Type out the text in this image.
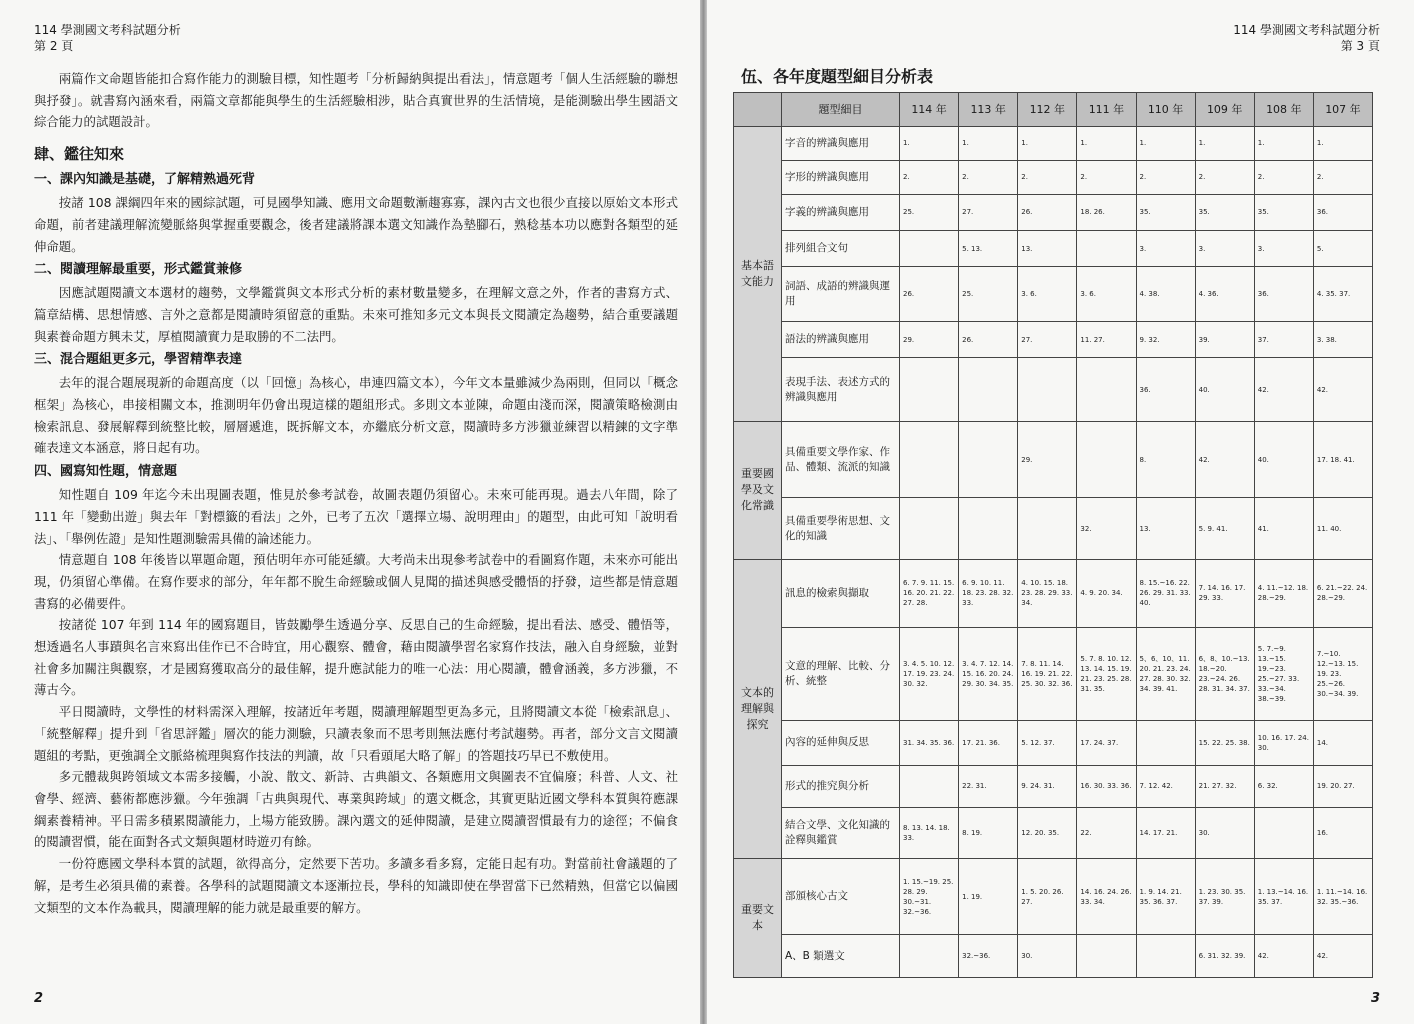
114 學測國文考科試題分析
第 2 頁

兩篇作文命題皆能扣合寫作能力的測驗目標，知性題考「分析歸納與提出看法」，情意題考「個人生活經驗的聯想與抒發」。就書寫內涵來看，兩篇文章都能與學生的生活經驗相涉，貼合真實世界的生活情境，是能測驗出學生國語文綜合能力的試題設計。

肆、鑑往知來
一、課內知識是基礎，了解精熟過死背

按諸 108 課綱四年來的國綜試題，可見國學知識、應用文命題數漸趨寡寡，課內古文也很少直接以原始文本形式命題，前者建議理解流變脈絡與掌握重要觀念，後者建議將課本選文知識作為墊腳石，熟稔基本功以應對各類型的延伸命題。

二、閱讀理解最重要，形式鑑賞兼修

因應試題閱讀文本選材的趨勢，文學鑑賞與文本形式分析的素材數量變多，在理解文意之外，作者的書寫方式、篇章結構、思想情感、言外之意都是閱讀時須留意的重點。未來可推知多元文本與長文閱讀定為趨勢，結合重要議題與素養命題方興未艾，厚植閱讀實力是取勝的不二法門。

三、混合題組更多元，學習精準表達

去年的混合題展現新的命題高度（以「回憶」為核心，串連四篇文本），今年文本量雖減少為兩則，但同以「概念框架」為核心，串接相關文本，推測明年仍會出現這樣的題組形式。多則文本並陳，命題由淺而深，閱讀策略檢測由檢索訊息、發展解釋到統整比較，層層遞進，既拆解文本，亦繼底分析文意，閱讀時多方涉獵並練習以精鍊的文字準確表達文本涵意，將日起有功。

四、國寫知性題，情意題

知性題自 109 年迄今未出現圖表題，惟見於參考試卷，故圖表題仍須留心。未來可能再現。過去八年間，除了 111 年「變動出遊」與去年「對標籤的看法」之外，已考了五次「選擇立場、說明理由」的題型，由此可知「說明看法」、「舉例佐證」是知性題測驗需具備的論述能力。

情意題自 108 年後皆以單題命題，預估明年亦可能延續。大考尚未出現參考試卷中的看圖寫作題，未來亦可能出現，仍須留心準備。在寫作要求的部分，年年都不脫生命經驗或個人見聞的描述與感受體悟的抒發，這些都是情意題書寫的必備要件。

按諸從 107 年到 114 年的國寫題目，皆鼓勵學生透過分享、反思自己的生命經驗，提出看法、感受、體悟等，想透過名人事蹟與名言來寫出佳作已不合時宜，用心觀察、體會，藉由閱讀學習名家寫作技法，融入自身經驗，並對社會多加關注與觀察，才是國寫獲取高分的最佳解，提升應試能力的唯一心法：用心閱讀，體會涵義，多方涉獵，不薄古今。

平日閱讀時，文學性的材料需深入理解，按諸近年考題，閱讀理解題型更為多元，且將閱讀文本從「檢索訊息」、「統整解釋」提升到「省思評鑑」層次的能力測驗，只讀表象而不思考則無法應付考試趨勢。再者，部分文言文閱讀題組的考點，更強調全文脈絡梳理與寫作技法的判讀，故「只看頭尾大略了解」的答題技巧早已不敷使用。

多元體裁與跨領域文本需多接觸，小說、散文、新詩、古典韻文、各類應用文與圖表不宜偏廢；科普、人文、社會學、經濟、藝術都應涉獵。今年強調「古典與現代、專業與跨域」的選文概念，其實更貼近國文學科本質與符應課綱素養精神。平日需多積累閱讀能力，上場方能致勝。課內選文的延伸閱讀，是建立閱讀習慣最有力的途徑；不偏食的閱讀習慣，能在面對各式文類與題材時遊刃有餘。

一份符應國文學科本質的試題，欲得高分，定然要下苦功。多讀多看多寫，定能日起有功。對當前社會議題的了解，是考生必須具備的素養。各學科的試題閱讀文本逐漸拉長，學科的知識即使在學習當下已然精熟，但當它以偏國文類型的文本作為載具，閱讀理解的能力就是最重要的解方。

2
114 學測國文考科試題分析
第 3 頁
伍、各年度題型細目分析表
	題型細目	114 年	113 年	112 年	111 年	110 年	109 年	108 年	107 年
基本語文能力	字音的辨識與應用	1.	1.	1.	1.	1.	1.	1.	1.
	字形的辨識與應用	2.	2.	2.	2.	2.	2.	2.	2.
	字義的辨識與應用	25.	27.	26.	18. 26.	35.	35.	35.	36.
	排列組合文句		5. 13.	13.		3.	3.	3.	5.
	詞語、成語的辨識與運用	26.	25.	3. 6.	3. 6.	4. 38.	4. 36.	36.	4. 35. 37.
	語法的辨識與應用	29.	26.	27.	11. 27.	9. 32.	39.	37.	3. 38.
	表現手法、表述方式的辨識與應用					36.	40.	42.	42.
重要國學及文化常識	具備重要文學作家、作品、體類、流派的知識			29.		8.	42.	40.	17. 18. 41.
	具備重要學術思想、文化的知識				32.	13.	5. 9. 41.	41.	11. 40.
文本的理解與探究	訊息的檢索與擷取	6. 7. 9. 11. 15. 16. 20. 21. 22. 27. 28.	6. 9. 10. 11. 18. 23. 28. 32. 33.	4. 10. 15. 18. 23. 28. 29. 33. 34.	4. 9. 20. 34.	8. 15.~16. 22. 26. 29. 31. 33. 40.	7. 14. 16. 17. 29. 33.	4. 11.~12. 18. 28.~29.	6. 21.~22. 24. 28.~29.
	文意的理解、比較、分析、統整	3. 4. 5. 10. 12. 17. 19. 23. 24. 30. 32.	3. 4. 7. 12. 14. 15. 16. 20. 24. 29. 30. 34. 35.	7. 8. 11. 14. 16. 19. 21. 22. 25. 30. 32. 36.	5. 7. 8. 10. 12. 13. 14. 15. 19. 21. 23. 25. 28. 31. 35.	5、6、10、11. 20. 21. 23. 24. 27. 28. 30. 32. 34. 39. 41.	6、8、10.~13. 18.~20. 23.~24. 26. 28. 31. 34. 37.	5. 7.~9. 13.~15. 19.~23. 25.~27. 33. 33.~34. 38.~39.	7.~10. 12.~13. 15. 19. 23. 25.~26. 30.~34. 39.
	內容的延伸與反思	31. 34. 35. 36.	17. 21. 36.	5. 12. 37.	17. 24. 37.		15. 22. 25. 38.	10. 16. 17. 24. 30.	14.
	形式的推究與分析		22. 31.	9. 24. 31.	16. 30. 33. 36.	7. 12. 42.	21. 27. 32.	6. 32.	19. 20. 27.
	結合文學、文化知識的詮釋與鑑賞	8. 13. 14. 18. 33.	8. 19.	12. 20. 35.	22.	14. 17. 21.	30.		16.
重要文本	部頒核心古文	1. 15.~19. 25. 28. 29. 30.~31. 32.~36.	1. 19.	1. 5. 20. 26. 27.	14. 16. 24. 26. 33. 34.	1. 9. 14. 21. 35. 36. 37.	1. 23. 30. 35. 37. 39.	1. 13.~14. 16. 35. 37.	1. 11.~14. 16. 32. 35.~36.
	A、B 類選文		32.~36.	30.			6. 31. 32. 39.	42.	42.
3
